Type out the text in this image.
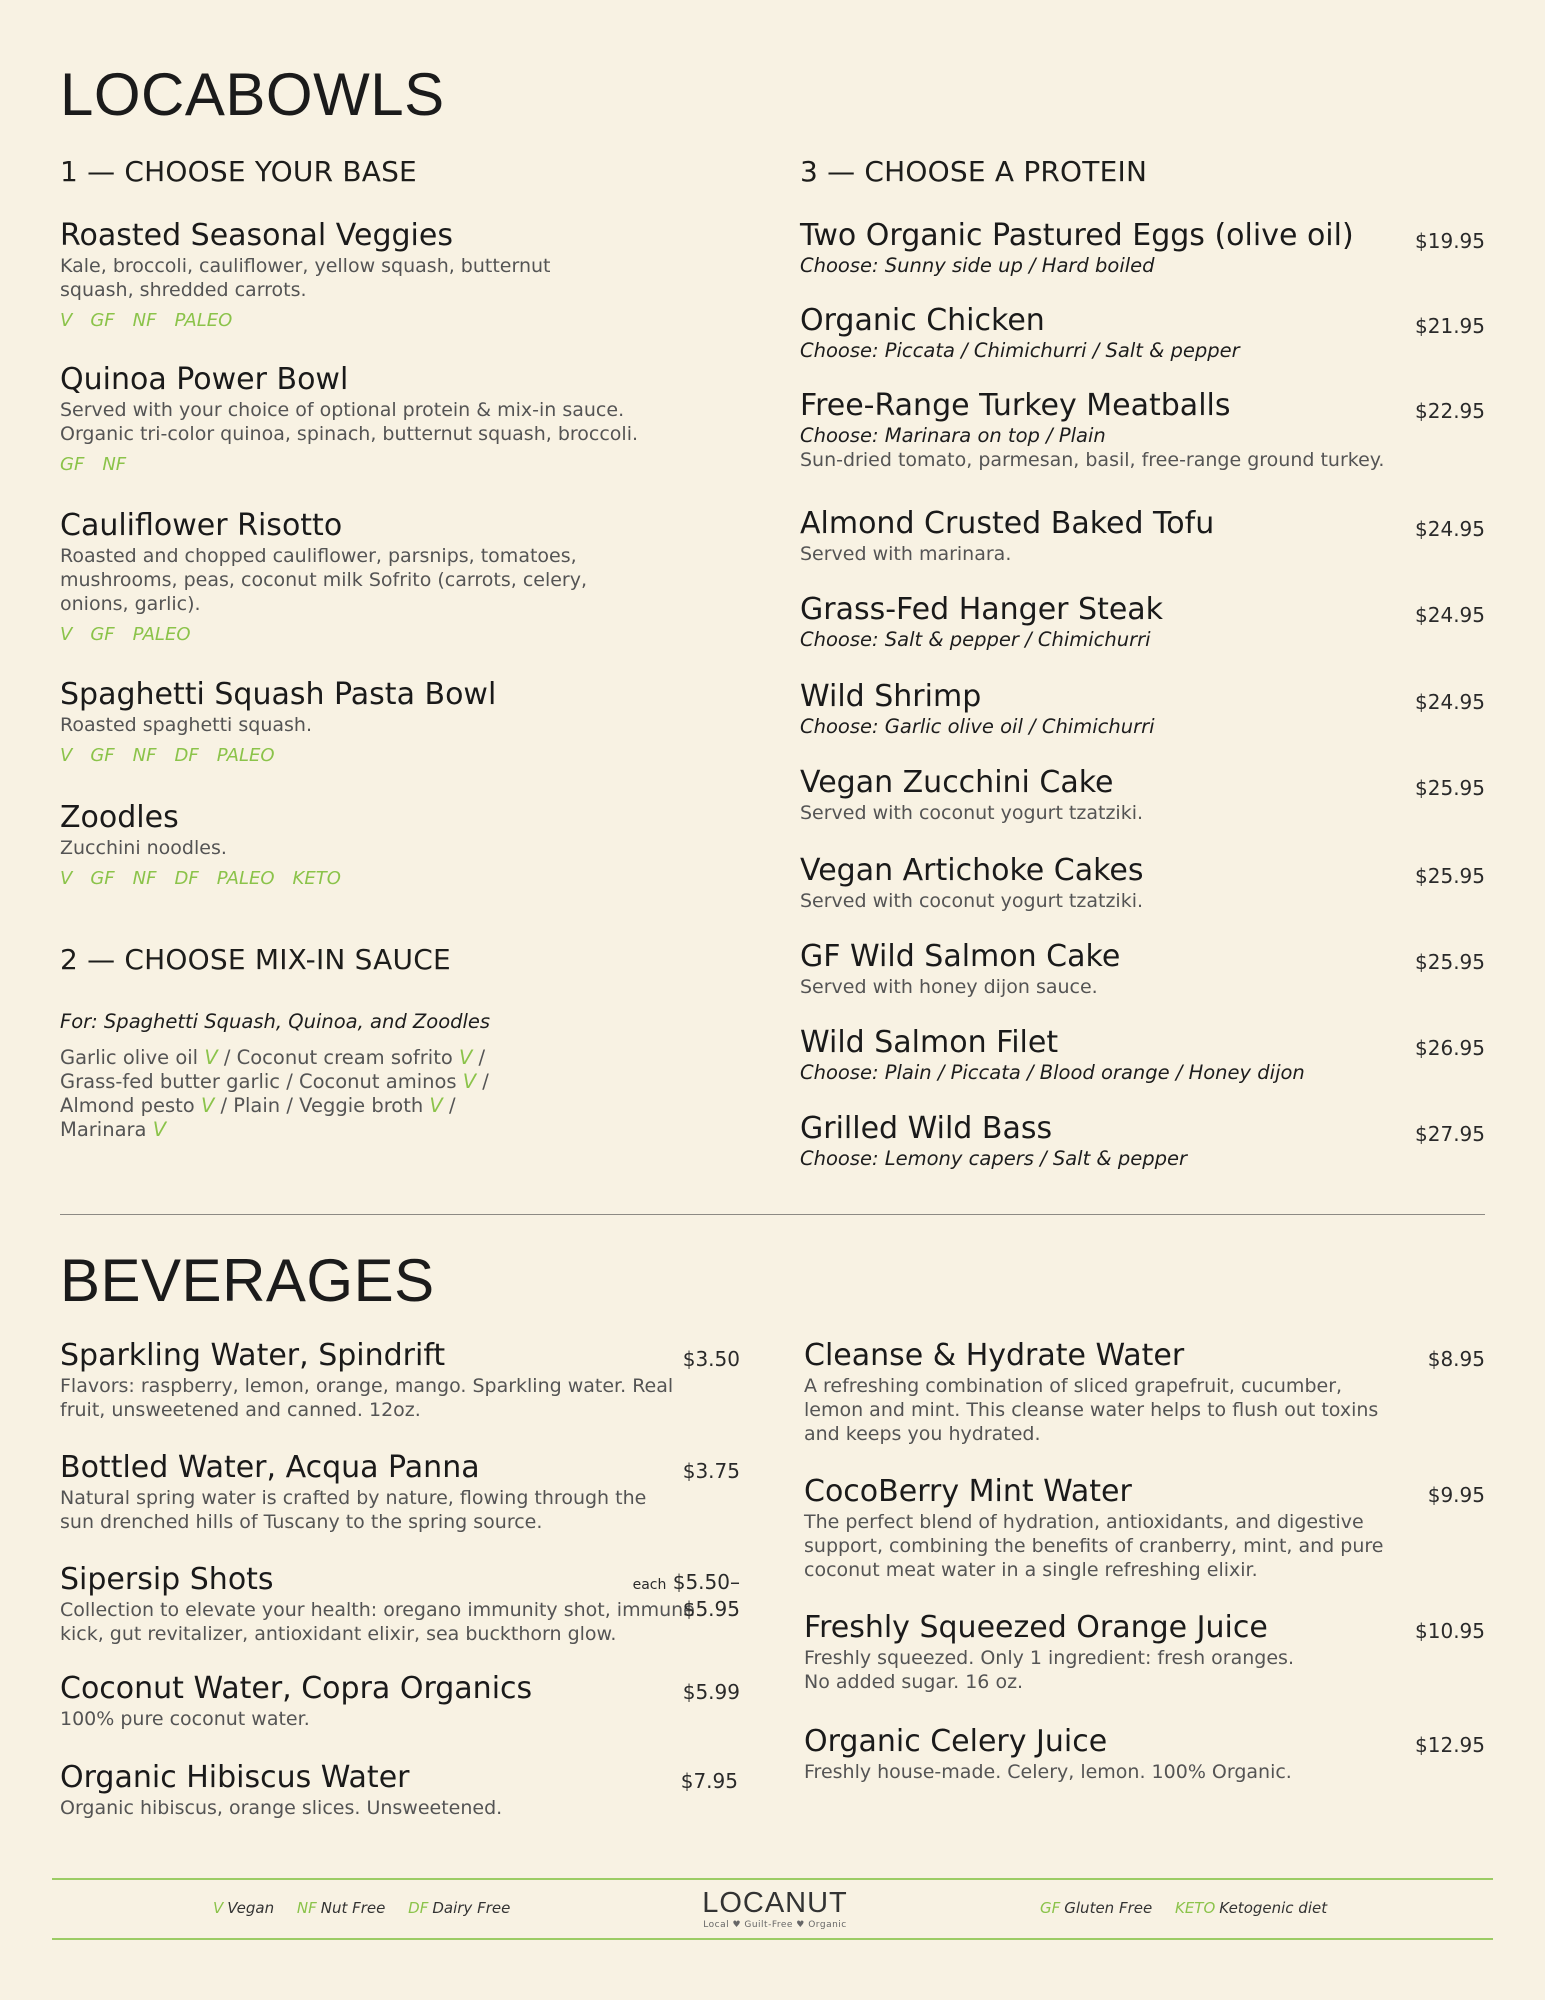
LOCABOWLS
1 — CHOOSE YOUR BASE
Roasted Seasonal Veggies
Kale, broccoli, cauliflower, yellow squash, butternut squash, shredded carrots.
V GF NF PALEO
Quinoa Power Bowl
Served with your choice of optional protein & mix-in sauce. Organic tri-color quinoa, spinach, butternut squash, broccoli.
GF NF
Cauliflower Risotto
Roasted and chopped cauliflower, parsnips, tomatoes, mushrooms, peas, coconut milk Sofrito (carrots, celery, onions, garlic).
V GF PALEO
Spaghetti Squash Pasta Bowl
Roasted spaghetti squash.
V GF NF DF PALEO
Zoodles
Zucchini noodles.
V GF NF DF PALEO KETO
2 — CHOOSE MIX-IN SAUCE
For: Spaghetti Squash, Quinoa, and Zoodles
Garlic olive oil V / Coconut cream sofrito V /
Grass-fed butter garlic / Coconut aminos V /
Almond pesto V / Plain / Veggie broth V /
Marinara V
3 — CHOOSE A PROTEIN
Two Organic Pastured Eggs (olive oil)
Choose: Sunny side up / Hard boiled
$19.95
Organic Chicken
Choose: Piccata / Chimichurri / Salt & pepper
$21.95
Free-Range Turkey Meatballs
Choose: Marinara on top / Plain
Sun-dried tomato, parmesan, basil, free-range ground turkey.
$22.95
Almond Crusted Baked Tofu
Served with marinara.
$24.95
Grass-Fed Hanger Steak
Choose: Salt & pepper / Chimichurri
$24.95
Wild Shrimp
Choose: Garlic olive oil / Chimichurri
$24.95
Vegan Zucchini Cake
Served with coconut yogurt tzatziki.
$25.95
Vegan Artichoke Cakes
Served with coconut yogurt tzatziki.
$25.95
GF Wild Salmon Cake
Served with honey dijon sauce.
$25.95
Wild Salmon Filet
Choose: Plain / Piccata / Blood orange / Honey dijon
$26.95
Grilled Wild Bass
Choose: Lemony capers / Salt & pepper
$27.95
BEVERAGES
Sparkling Water, Spindrift
Flavors: raspberry, lemon, orange, mango. Sparkling water. Real fruit, unsweetened and canned. 12oz.
$3.50
Bottled Water, Acqua Panna
Natural spring water is crafted by nature, flowing through the sun drenched hills of Tuscany to the spring source.
$3.75
Sipersip Shots
Collection to elevate your health: oregano immunity shot, immune kick, gut revitalizer, antioxidant elixir, sea buckthorn glow.
each $5.50–
$5.95
Coconut Water, Copra Organics
100% pure coconut water.
$5.99
Organic Hibiscus Water
Organic hibiscus, orange slices. Unsweetened.
$7.95
Cleanse & Hydrate Water
A refreshing combination of sliced grapefruit, cucumber, lemon and mint. This cleanse water helps to flush out toxins and keeps you hydrated.
$8.95
CocoBerry Mint Water
The perfect blend of hydration, antioxidants, and digestive support, combining the benefits of cranberry, mint, and pure coconut meat water in a single refreshing elixir.
$9.95
Freshly Squeezed Orange Juice
Freshly squeezed. Only 1 ingredient: fresh oranges. No added sugar. 16 oz.
$10.95
Organic Celery Juice
Freshly house-made. Celery, lemon. 100% Organic.
$12.95
V Vegan NF Nut Free DF Dairy Free	LOCANUT
Local ♥ Guilt-Free ♥ Organic
GF Gluten Free KETO Ketogenic diet
